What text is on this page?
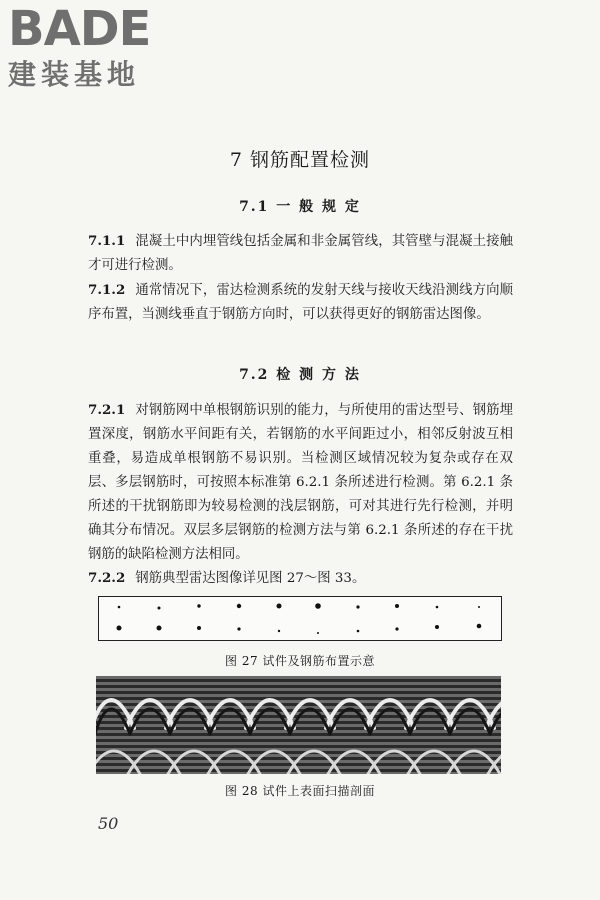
BADE
建装基地
7 钢筋配置检测
7.1 一 般 规 定
7.1.1 混凝土中内埋管线包括金属和非金属管线，其管壁与混凝土接触才可进行检测。
7.1.2 通常情况下，雷达检测系统的发射天线与接收天线沿测线方向顺序布置，当测线垂直于钢筋方向时，可以获得更好的钢筋雷达图像。
7.2 检 测 方 法
7.2.1 对钢筋网中单根钢筋识别的能力，与所使用的雷达型号、钢筋埋置深度，钢筋水平间距有关，若钢筋的水平间距过小，相邻反射波互相重叠，易造成单根钢筋不易识别。当检测区域情况较为复杂或存在双层、多层钢筋时，可按照本标准第 6.2.1 条所述进行检测。第 6.2.1 条所述的干扰钢筋即为较易检测的浅层钢筋，可对其进行先行检测，并明确其分布情况。双层多层钢筋的检测方法与第 6.2.1 条所述的存在干扰钢筋的缺陷检测方法相同。
7.2.2 钢筋典型雷达图像详见图 27～图 33。
图 27 试件及钢筋布置示意
图 28 试件上表面扫描剖面
50
